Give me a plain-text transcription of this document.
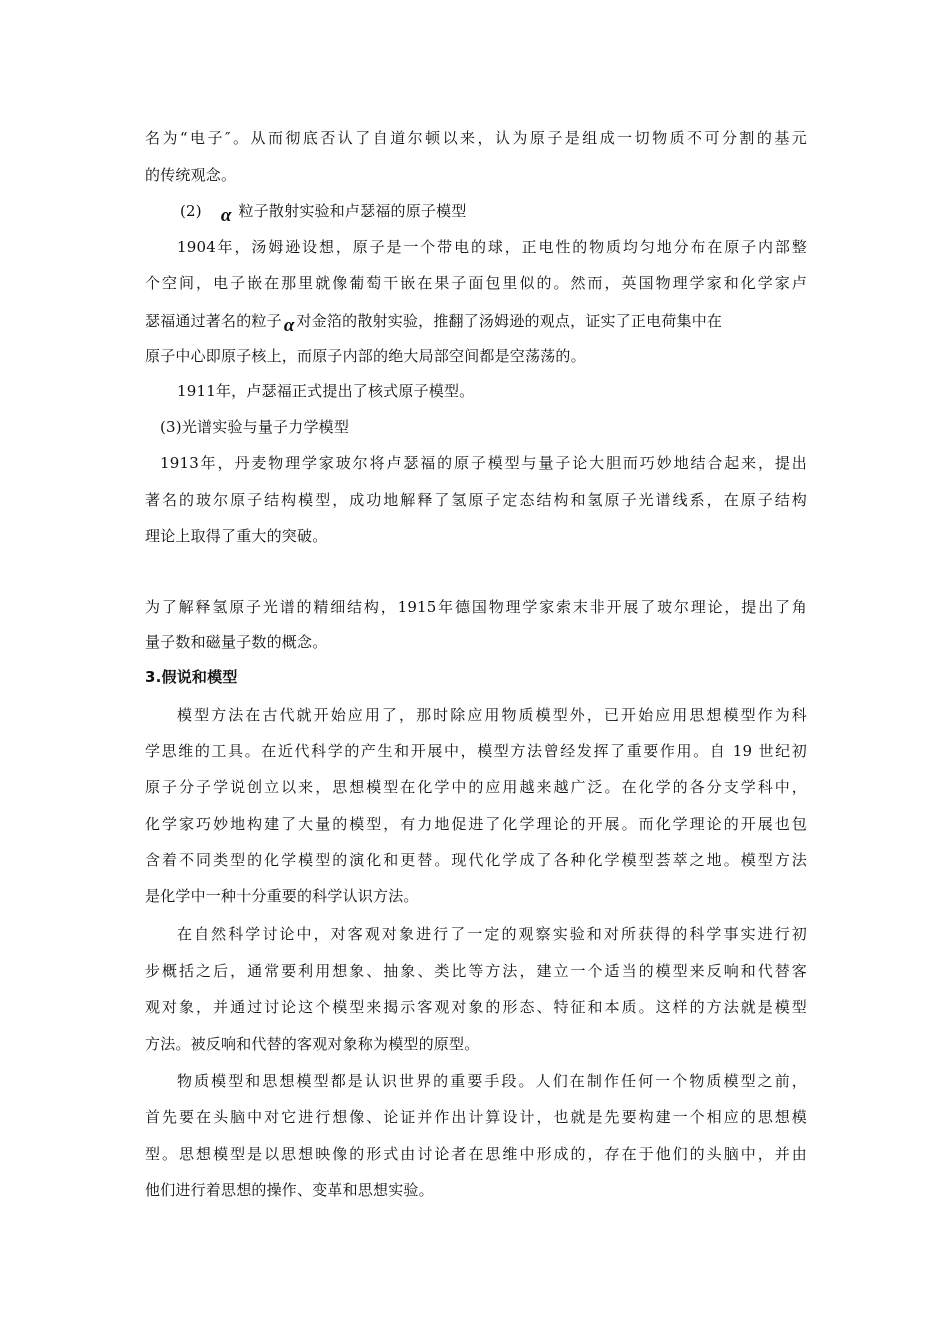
名为“电子″。从而彻底否认了自道尔顿以来，认为原子是组成一切物质不可分割的基元
的传统观念。
(2) α 粒子散射实验和卢瑟福的原子模型
1904年，汤姆逊设想，原子是一个带电的球，正电性的物质均匀地分布在原子内部整
个空间，电子嵌在那里就像葡萄干嵌在果子面包里似的。然而，英国物理学家和化学家卢
瑟福通过著名的粒子 α 对金箔的散射实验，推翻了汤姆逊的观点，证实了正电荷集中在
原子中心即原子核上，而原子内部的绝大局部空间都是空荡荡的。
1911年，卢瑟福正式提出了核式原子模型。
(3)光谱实验与量子力学模型
1913年，丹麦物理学家玻尔将卢瑟福的原子模型与量子论大胆而巧妙地结合起来，提出
著名的玻尔原子结构模型，成功地解释了氢原子定态结构和氢原子光谱线系，在原子结构
理论上取得了重大的突破。
为了解释氢原子光谱的精细结构，1915年德国物理学家索末非开展了玻尔理论，提出了角
量子数和磁量子数的概念。
3.假说和模型
模型方法在古代就开始应用了，那时除应用物质模型外，已开始应用思想模型作为科
学思维的工具。在近代科学的产生和开展中，模型方法曾经发挥了重要作用。自 19 世纪初
原子分子学说创立以来，思想模型在化学中的应用越来越广泛。在化学的各分支学科中，
化学家巧妙地构建了大量的模型，有力地促进了化学理论的开展。而化学理论的开展也包
含着不同类型的化学模型的演化和更替。现代化学成了各种化学模型荟萃之地。模型方法
是化学中一种十分重要的科学认识方法。
在自然科学讨论中，对客观对象进行了一定的观察实验和对所获得的科学事实进行初
步概括之后，通常要利用想象、抽象、类比等方法，建立一个适当的模型来反响和代替客
观对象，并通过讨论这个模型来揭示客观对象的形态、特征和本质。这样的方法就是模型
方法。被反响和代替的客观对象称为模型的原型。
物质模型和思想模型都是认识世界的重要手段。人们在制作任何一个物质模型之前，
首先要在头脑中对它进行想像、论证并作出计算设计，也就是先要构建一个相应的思想模
型。思想模型是以思想映像的形式由讨论者在思维中形成的，存在于他们的头脑中，并由
他们进行着思想的操作、变革和思想实验。
